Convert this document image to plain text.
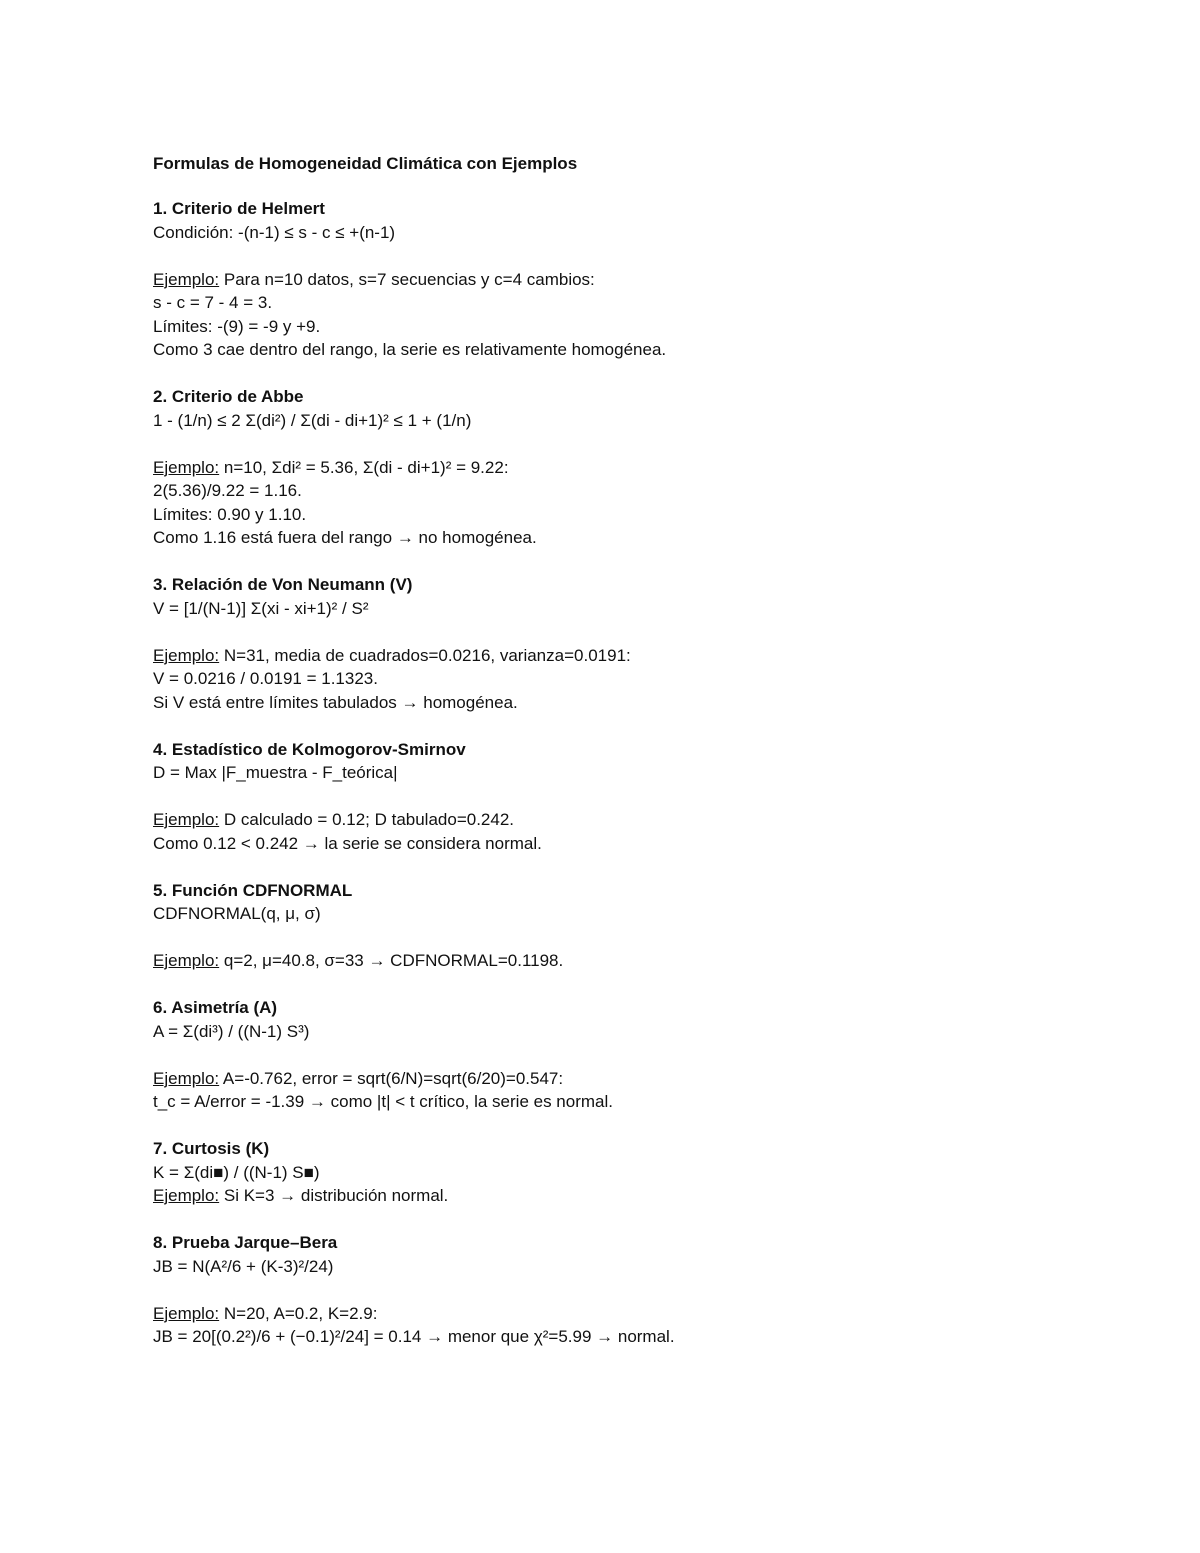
Formulas de Homogeneidad Climática con Ejemplos
1. Criterio de Helmert
Condición: -(n-1) ≤ s - c ≤ +(n-1)
Ejemplo: Para n=10 datos, s=7 secuencias y c=4 cambios:
s - c = 7 - 4 = 3.
Límites: -(9) = -9 y +9.
Como 3 cae dentro del rango, la serie es relativamente homogénea.
2. Criterio de Abbe
1 - (1/n) ≤ 2 Σ(di²) / Σ(di - di+1)² ≤ 1 + (1/n)
Ejemplo: n=10, Σdi² = 5.36, Σ(di - di+1)² = 9.22:
2(5.36)/9.22 = 1.16.
Límites: 0.90 y 1.10.
Como 1.16 está fuera del rango → no homogénea.
3. Relación de Von Neumann (V)
V = [1/(N-1)] Σ(xi - xi+1)² / S²
Ejemplo: N=31, media de cuadrados=0.0216, varianza=0.0191:
V = 0.0216 / 0.0191 = 1.1323.
Si V está entre límites tabulados → homogénea.
4. Estadístico de Kolmogorov-Smirnov
D = Max |F_muestra - F_teórica|
Ejemplo: D calculado = 0.12; D tabulado=0.242.
Como 0.12 < 0.242 → la serie se considera normal.
5. Función CDFNORMAL
CDFNORMAL(q, μ, σ)
Ejemplo: q=2, μ=40.8, σ=33 → CDFNORMAL=0.1198.
6. Asimetría (A)
A = Σ(di³) / ((N-1) S³)
Ejemplo: A=-0.762, error = sqrt(6/N)=sqrt(6/20)=0.547:
t_c = A/error = -1.39 → como |t| < t crítico, la serie es normal.
7. Curtosis (K)
K = Σ(di■) / ((N-1) S■)
Ejemplo: Si K=3 → distribución normal.
8. Prueba Jarque–Bera
JB = N(A²/6 + (K-3)²/24)
Ejemplo: N=20, A=0.2, K=2.9:
JB = 20[(0.2²)/6 + (−0.1)²/24] = 0.14 → menor que χ²=5.99 → normal.
